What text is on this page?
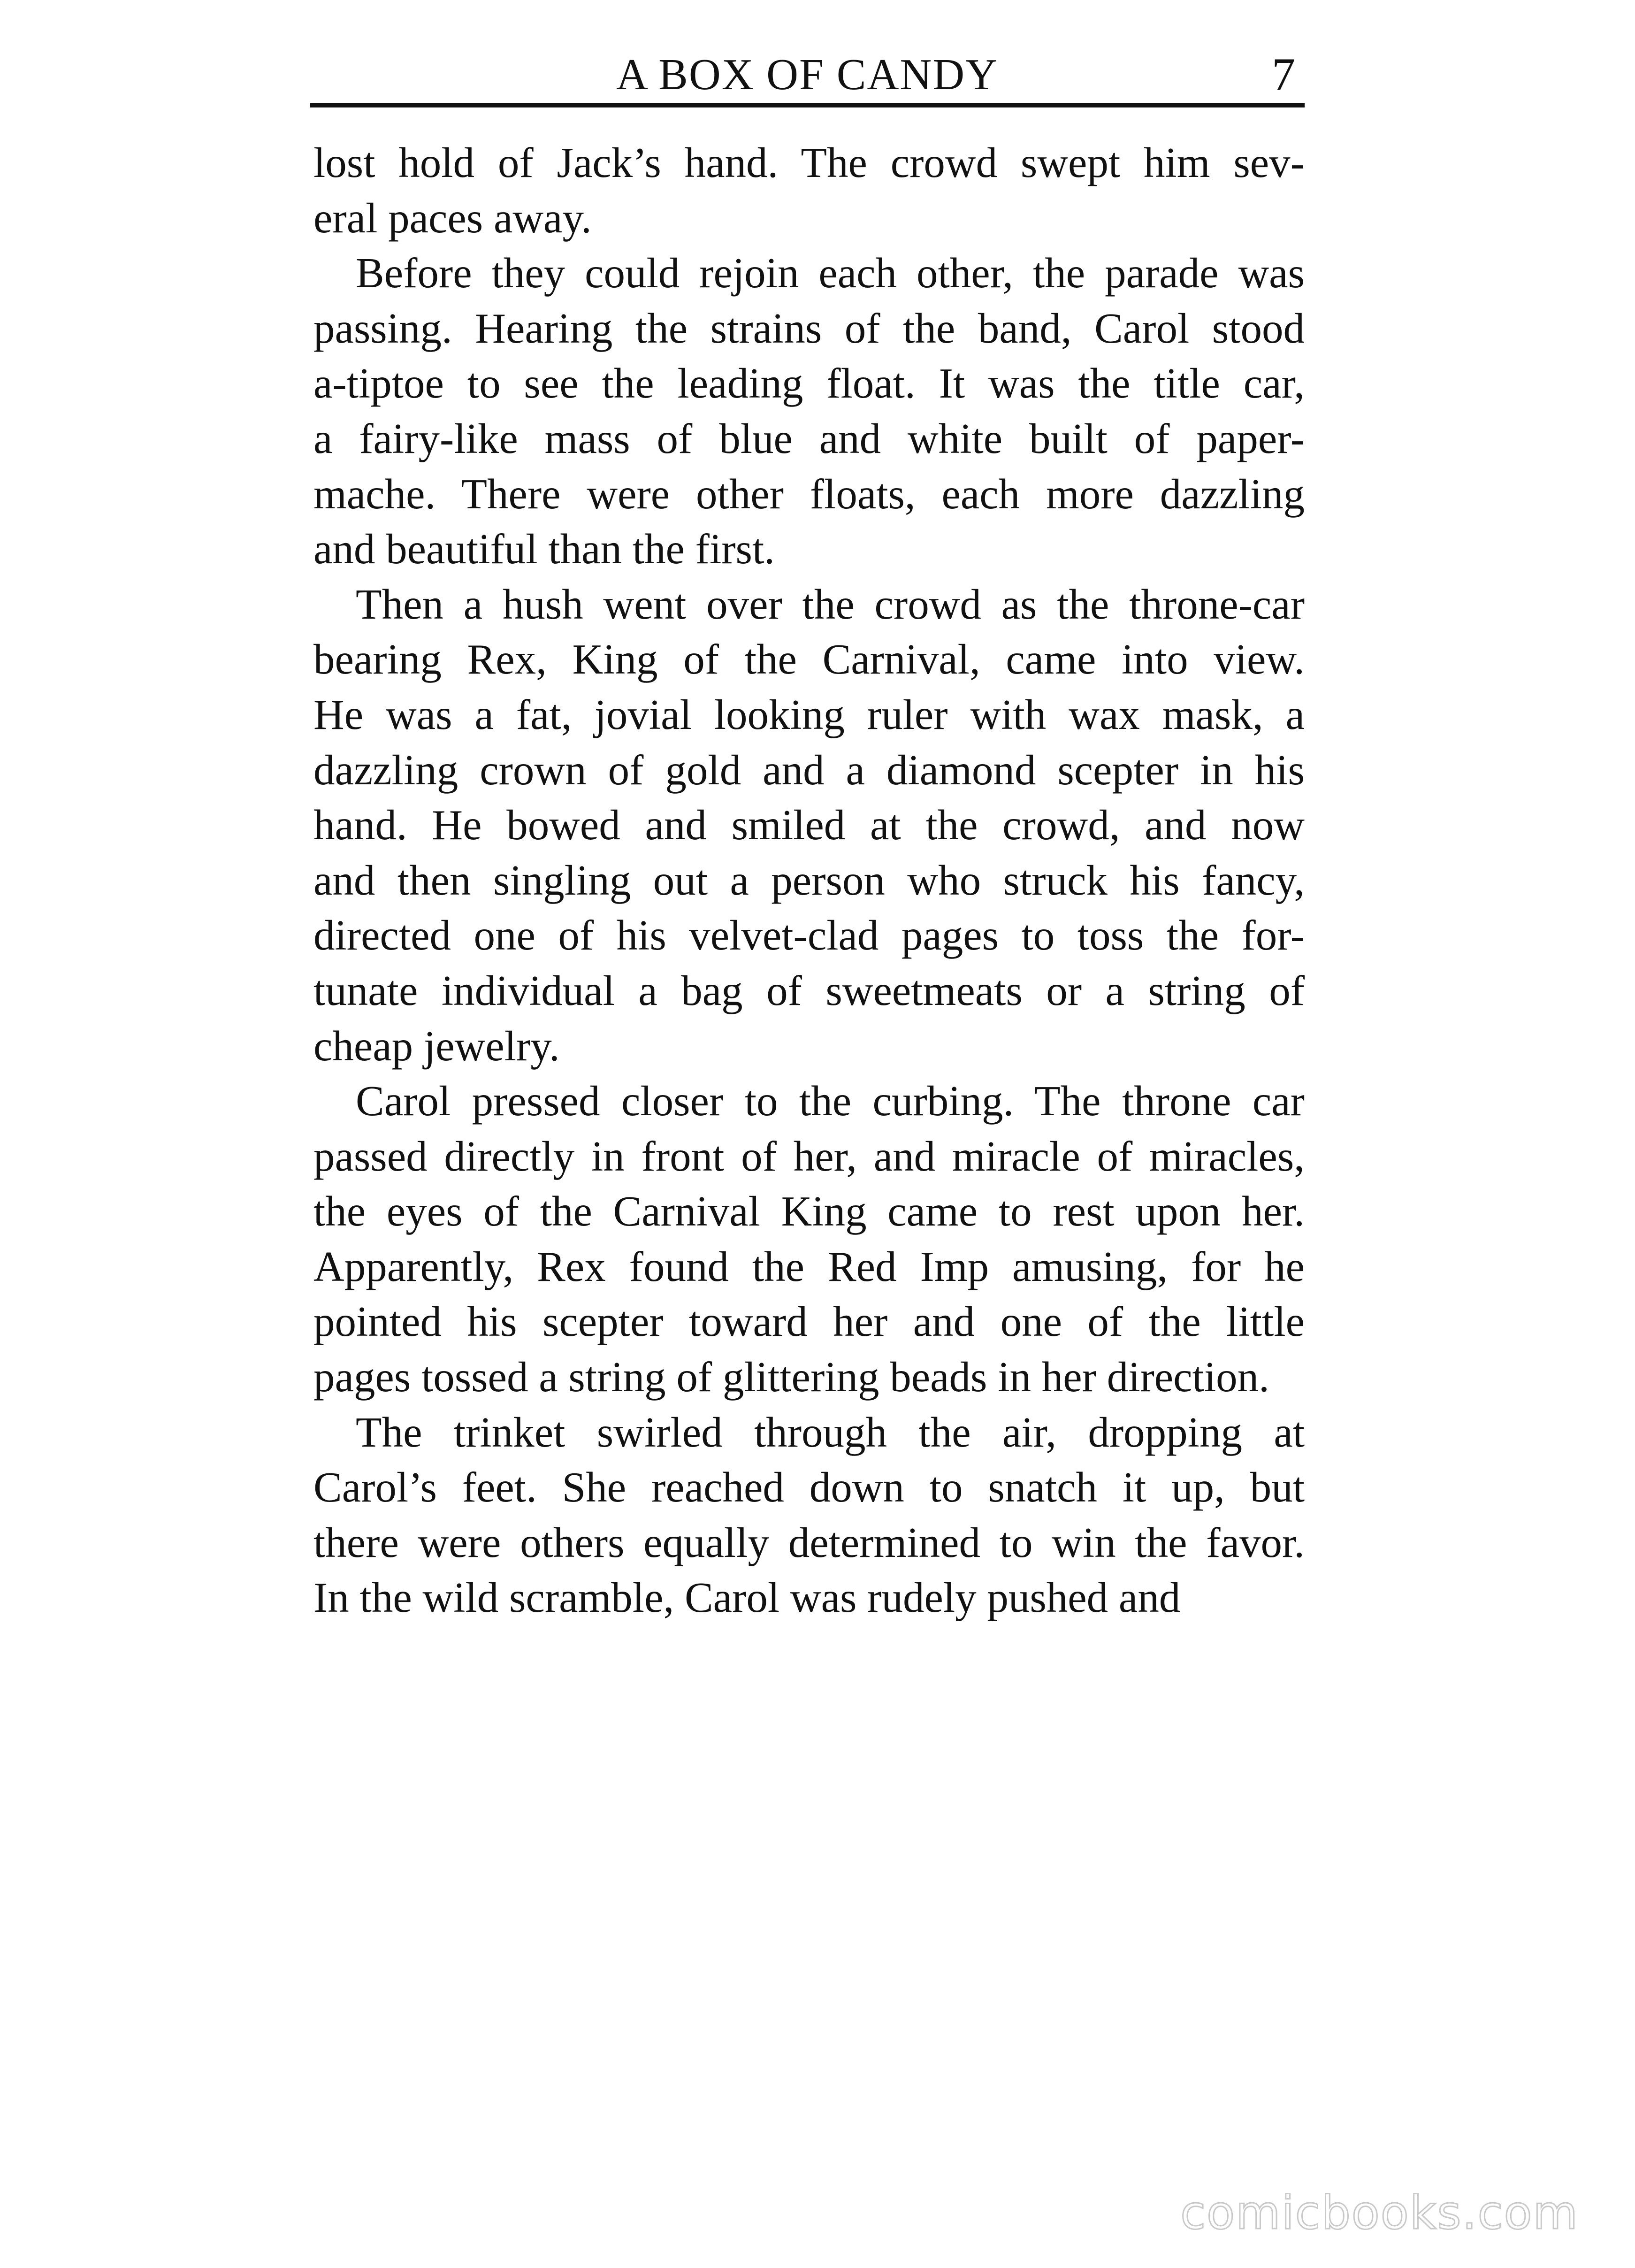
A BOX OF CANDY	7
lost hold of Jack’s hand. The crowd swept him sev-
eral paces away.
Before they could rejoin each other, the parade was
passing. Hearing the strains of the band, Carol stood
a-tiptoe to see the leading float. It was the title car,
a fairy-like mass of blue and white built of paper-
mache. There were other floats, each more dazzling
and beautiful than the first.
Then a hush went over the crowd as the throne-car
bearing Rex, King of the Carnival, came into view.
He was a fat, jovial looking ruler with wax mask, a
dazzling crown of gold and a diamond scepter in his
hand. He bowed and smiled at the crowd, and now
and then singling out a person who struck his fancy,
directed one of his velvet-clad pages to toss the for-
tunate individual a bag of sweetmeats or a string of
cheap jewelry.
Carol pressed closer to the curbing. The throne car
passed directly in front of her, and miracle of miracles,
the eyes of the Carnival King came to rest upon her.
Apparently, Rex found the Red Imp amusing, for he
pointed his scepter toward her and one of the little
pages tossed a string of glittering beads in her direction.
The trinket swirled through the air, dropping at
Carol’s feet. She reached down to snatch it up, but
there were others equally determined to win the favor.
In the wild scramble, Carol was rudely pushed and
comicbooks.com
